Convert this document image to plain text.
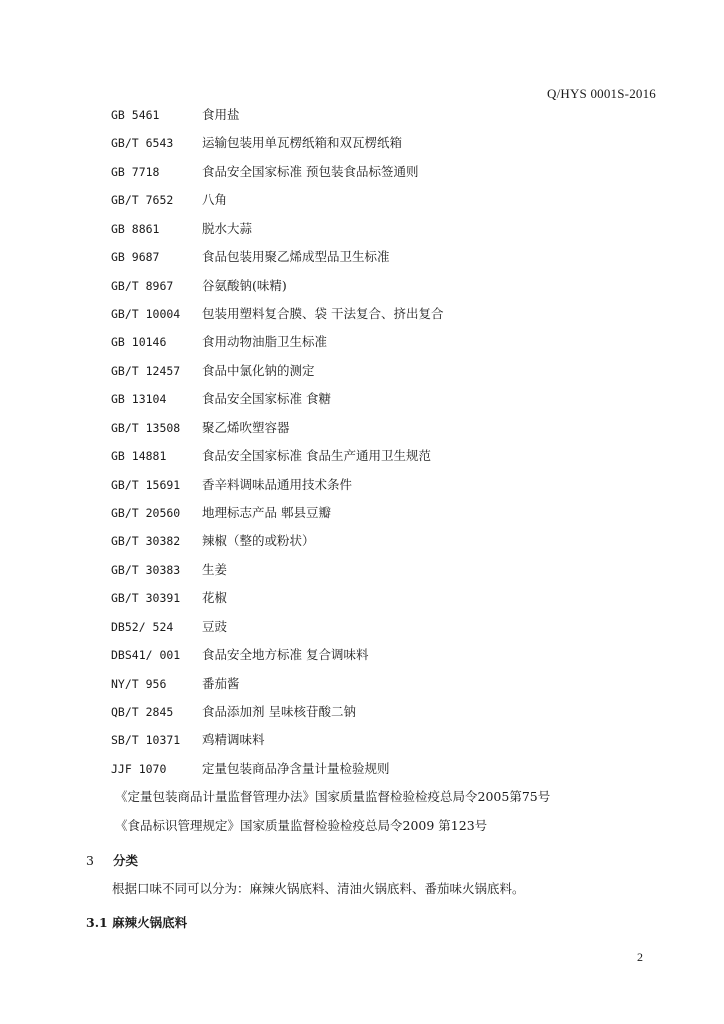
Q/HYS 0001S-2016
GB 5461	食用盐
GB/T 6543	运输包装用单瓦楞纸箱和双瓦楞纸箱
GB 7718	食品安全国家标准 预包装食品标签通则
GB/T 7652	八角
GB 8861	脱水大蒜
GB 9687	食品包装用聚乙烯成型品卫生标准
GB/T 8967	谷氨酸钠(味精)
GB/T 10004	包装用塑料复合膜、袋 干法复合、挤出复合
GB 10146	食用动物油脂卫生标准
GB/T 12457	食品中氯化钠的测定
GB 13104	食品安全国家标准 食糖
GB/T 13508	聚乙烯吹塑容器
GB 14881	食品安全国家标准 食品生产通用卫生规范
GB/T 15691	香辛料调味品通用技术条件
GB/T 20560	地理标志产品 郫县豆瓣
GB/T 30382	辣椒（整的或粉状）
GB/T 30383	生姜
GB/T 30391	花椒
DB52/ 524	豆豉
DBS41/ 001	食品安全地方标准 复合调味料
NY/T 956	番茄酱
QB/T 2845	食品添加剂 呈味核苷酸二钠
SB/T 10371	鸡精调味料
JJF 1070	定量包装商品净含量计量检验规则
《定量包装商品计量监督管理办法》国家质量监督检验检疫总局令2005第75号
《食品标识管理规定》国家质量监督检验检疫总局令2009 第123号
3 分类
根据口味不同可以分为：麻辣火锅底料、清油火锅底料、番茄味火锅底料。
3.1 麻辣火锅底料
2
